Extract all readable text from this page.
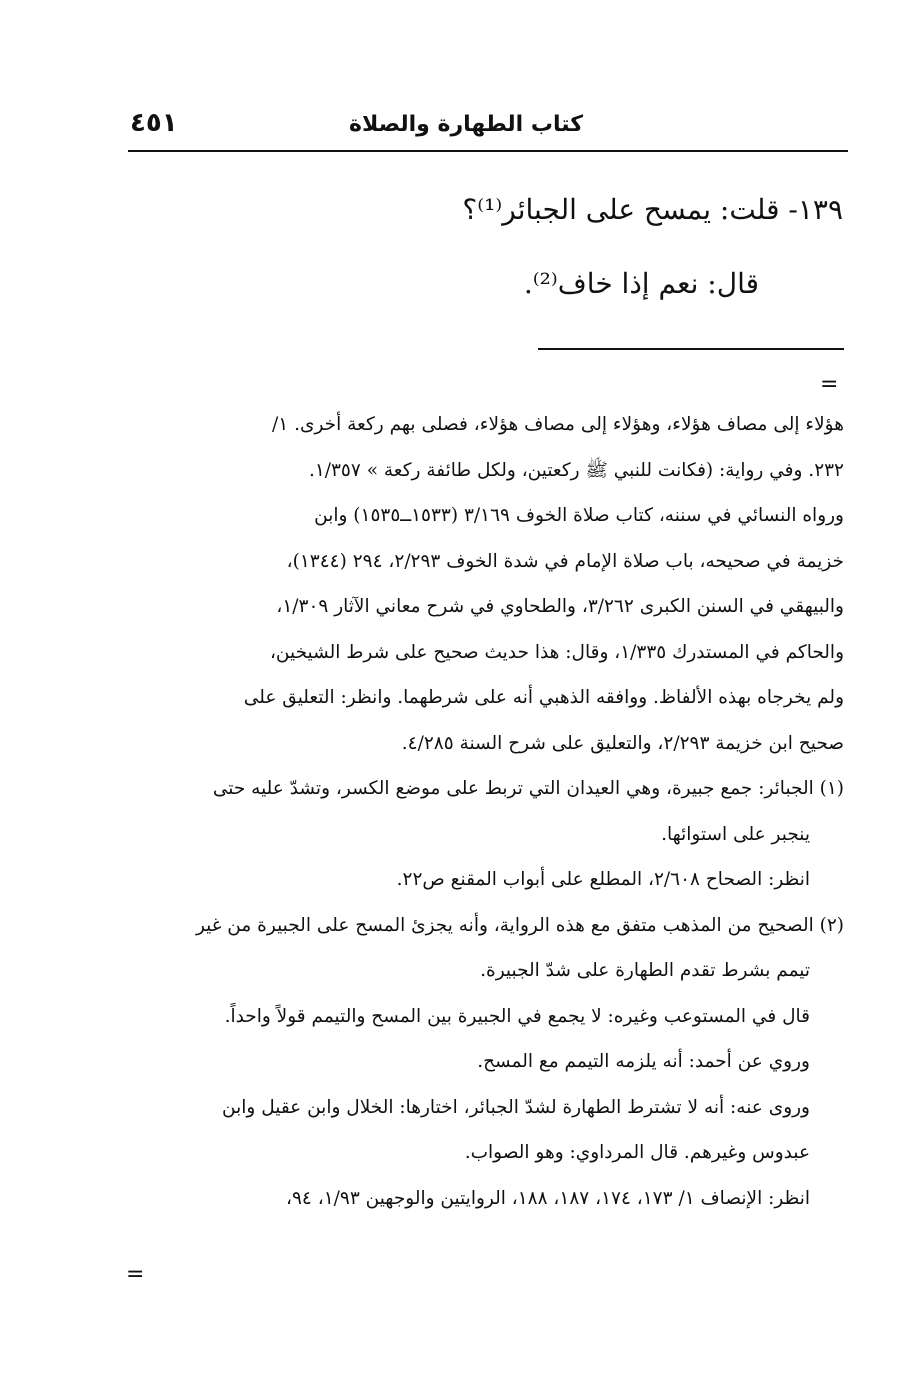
كتاب الطهارة والصلاة
٤٥١

١٣٩- قلت: يمسح على الجبائر⁽¹⁾؟

قال: نعم إذا خاف⁽²⁾.

=

هؤلاء إلى مصاف هؤلاء، وهؤلاء إلى مصاف هؤلاء، فصلى بهم ركعة أخرى. ١/

٢٣٢. وفي رواية: (فكانت للنبي ﷺ ركعتين، ولكل طائفة ركعة » ١/٣٥٧.

ورواه النسائي في سننه، كتاب صلاة الخوف ٣/١٦٩ (١٥٣٣ــ١٥٣٥) وابن

خزيمة في صحيحه، باب صلاة الإمام في شدة الخوف ٢/٢٩٣، ٢٩٤ (١٣٤٤)،

والبيهقي في السنن الكبرى ٣/٢٦٢، والطحاوي في شرح معاني الآثار ١/٣٠٩،

والحاكم في المستدرك ١/٣٣٥، وقال: هذا حديث صحيح على شرط الشيخين،

ولم يخرجاه بهذه الألفاظ. ووافقه الذهبي أنه على شرطهما. وانظر: التعليق على

صحيح ابن خزيمة ٢/٢٩٣، والتعليق على شرح السنة ٤/٢٨٥.

(١) الجبائر: جمع جبيرة، وهي العيدان التي تربط على موضع الكسر، وتشدّ عليه حتى

ينجبر على استوائها.

انظر: الصحاح ٢/٦٠٨، المطلع على أبواب المقنع ص٢٢.

(٢) الصحيح من المذهب متفق مع هذه الرواية، وأنه يجزئ المسح على الجبيرة من غير

تيمم بشرط تقدم الطهارة على شدّ الجبيرة.

قال في المستوعب وغيره: لا يجمع في الجبيرة بين المسح والتيمم قولاً واحداً.

وروي عن أحمد: أنه يلزمه التيمم مع المسح.

وروى عنه: أنه لا تشترط الطهارة لشدّ الجبائر، اختارها: الخلال وابن عقيل وابن

عبدوس وغيرهم. قال المرداوي: وهو الصواب.

انظر: الإنصاف ١/ ١٧٣، ١٧٤، ١٨٧، ١٨٨، الروايتين والوجهين ١/٩٣، ٩٤،

=
